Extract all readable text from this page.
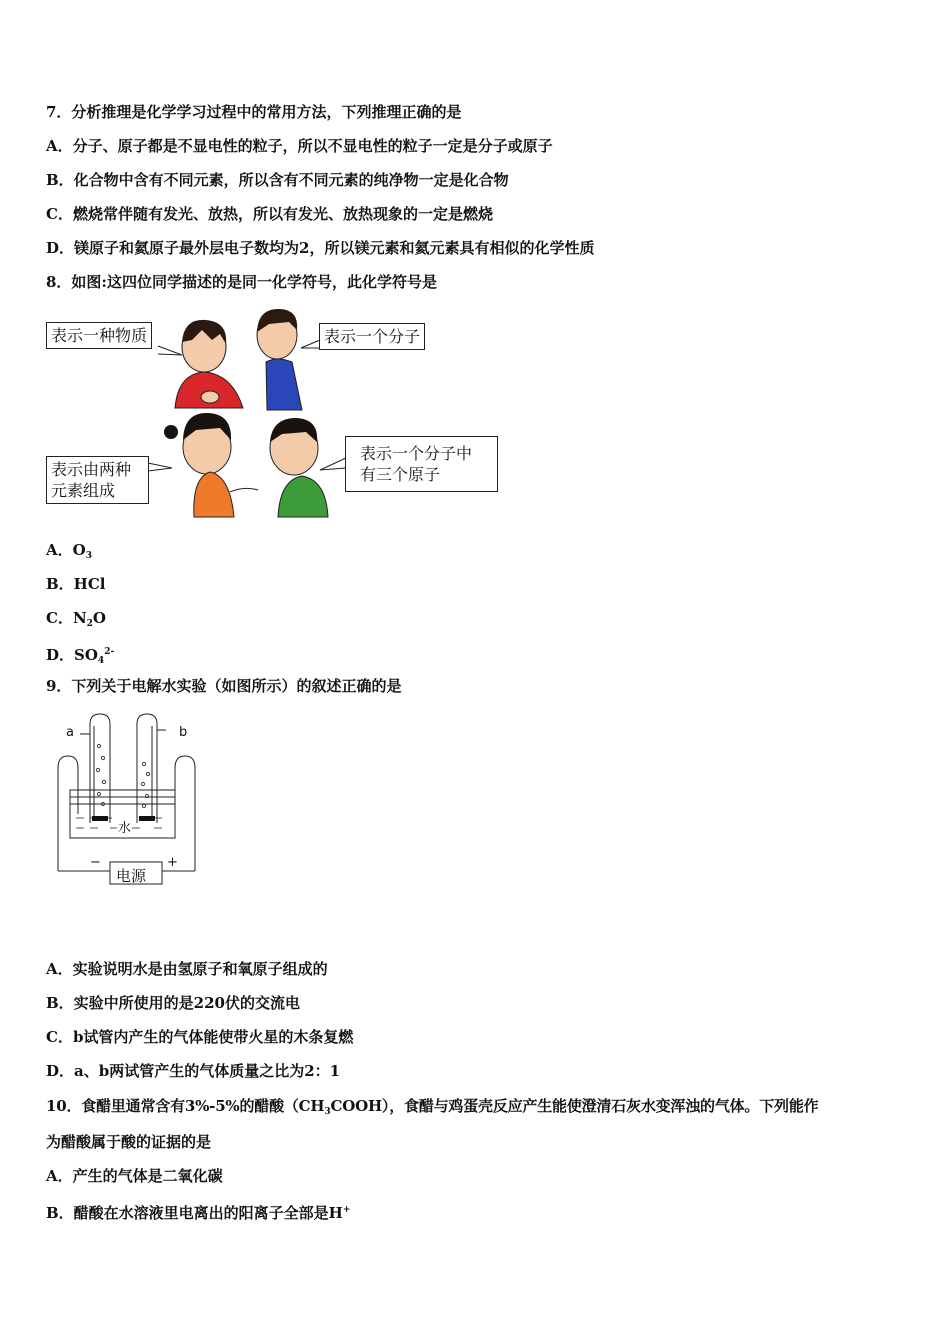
7．分析推理是化学学习过程中的常用方法，下列推理正确的是
A．分子、原子都是不显电性的粒子，所以不显电性的粒子一定是分子或原子
B．化合物中含有不同元素，所以含有不同元素的纯净物一定是化合物
C．燃烧常伴随有发光、放热，所以有发光、放热现象的一定是燃烧
D．镁原子和氦原子最外层电子数均为2，所以镁元素和氦元素具有相似的化学性质
8．如图:这四位同学描述的是同一化学符号，此化学符号是
表示一种物质	表示一个分子
表示由两种
元素组成
表示一个分子中
有三个原子
A．$O_3$
B．HCl
C．$N_2O$
D．$SO_4^{2-}$
9．下列关于电解水实验（如图所示）的叙述正确的是
a	b
水
−	+
电源
A．实验说明水是由氢原子和氧原子组成的
B．实验中所使用的是220伏的交流电
C．b试管内产生的气体能使带火星的木条复燃
D．a、b两试管产生的气体质量之比为2：1
10．食醋里通常含有3%-5%的醋酸$(CH_3COOH)$，食醋与鸡蛋壳反应产生能使澄清石灰水变浑浊的气体。下列能作
为醋酸属于酸的证据的是
A．产生的气体是二氧化碳
B．醋酸在水溶液里电离出的阳离子全部是H+
